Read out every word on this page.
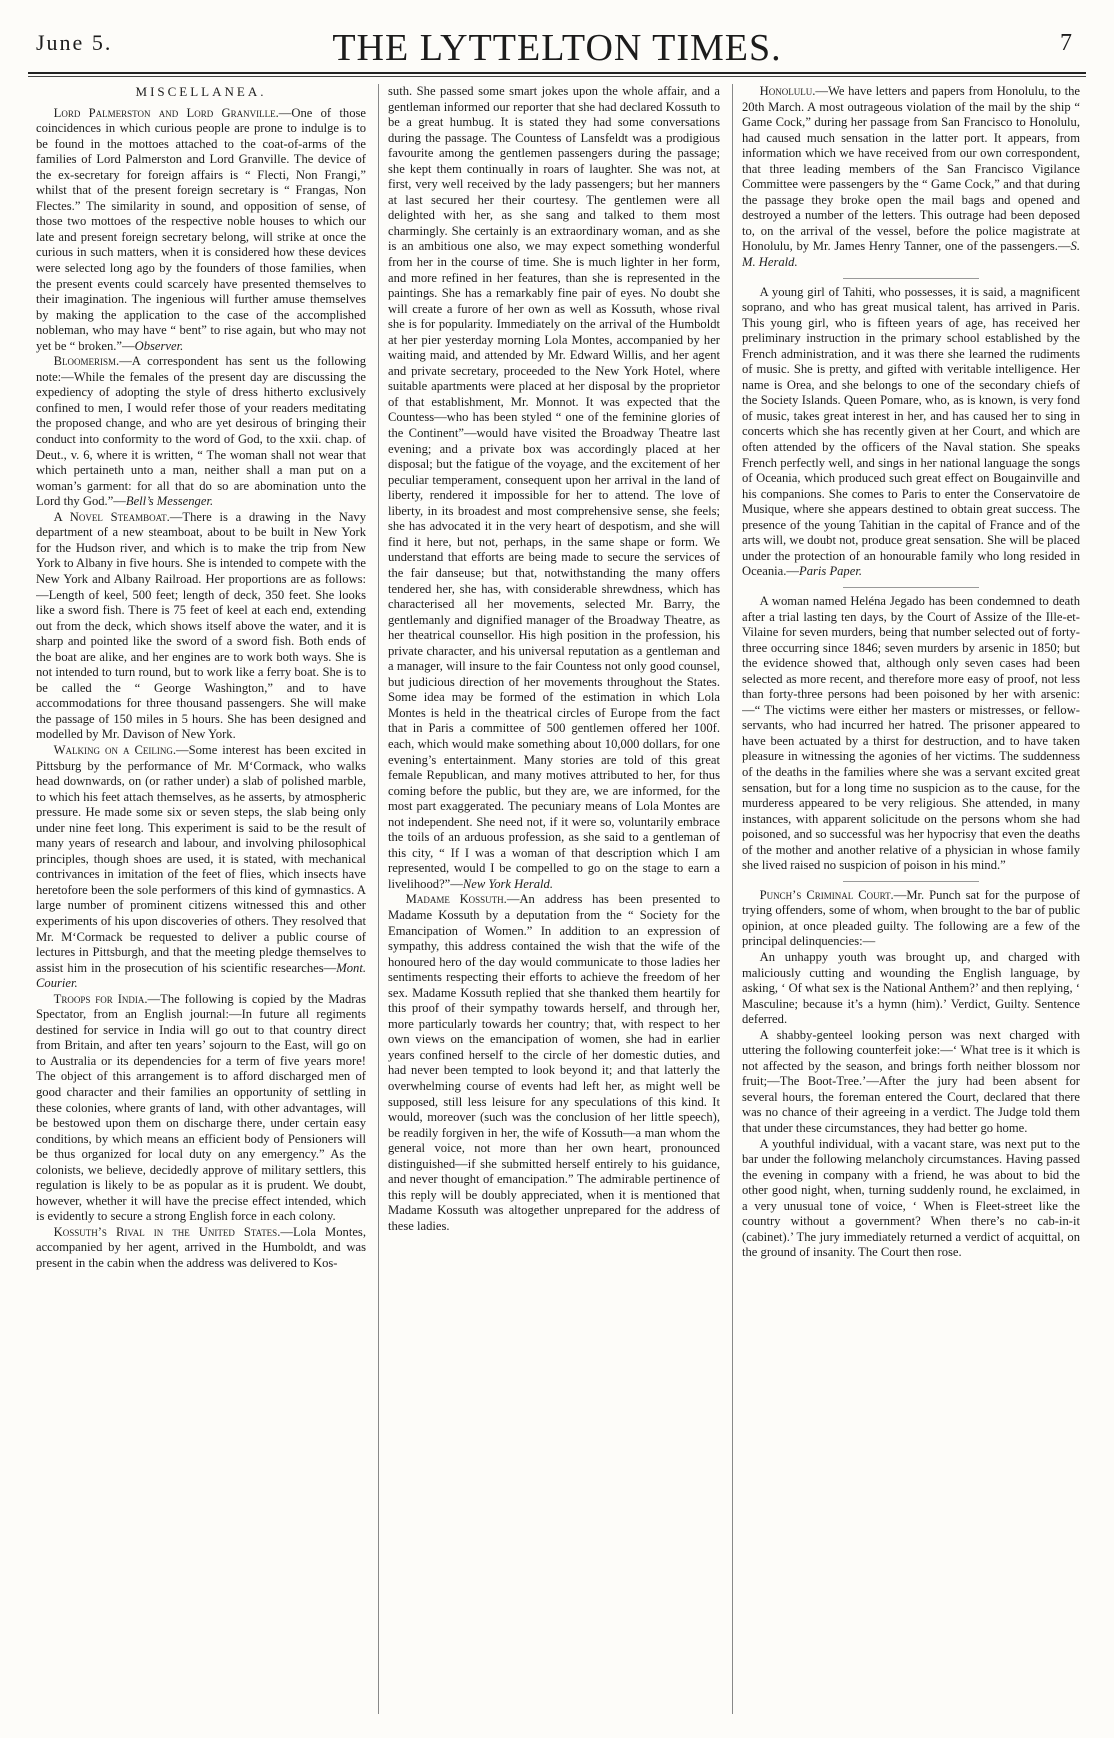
June 5.	THE LYTTELTON TIMES.	7
MISCELLANEA.

Lord Palmerston and Lord Granville.—One of those coincidences in which curious people are prone to indulge is to be found in the mottoes attached to the coat-of-arms of the families of Lord Palmerston and Lord Granville. The device of the ex-secretary for foreign affairs is “ Flecti, Non Frangi,” whilst that of the present foreign secretary is “ Frangas, Non Flectes.” The similarity in sound, and opposition of sense, of those two mottoes of the respective noble houses to which our late and present foreign secretary belong, will strike at once the curious in such matters, when it is considered how these devices were selected long ago by the founders of those families, when the present events could scarcely have presented themselves to their imagination. The ingenious will further amuse themselves by making the application to the case of the accomplished nobleman, who may have “ bent” to rise again, but who may not yet be “ broken.”—Observer.

Bloomerism.—A correspondent has sent us the following note:—While the females of the present day are discussing the expediency of adopting the style of dress hitherto exclusively confined to men, I would refer those of your readers meditating the proposed change, and who are yet desirous of bringing their conduct into conformity to the word of God, to the xxii. chap. of Deut., v. 6, where it is written, “ The woman shall not wear that which pertaineth unto a man, neither shall a man put on a woman’s garment: for all that do so are abomination unto the Lord thy God.”—Bell’s Messenger.

A Novel Steamboat.—There is a drawing in the Navy department of a new steamboat, about to be built in New York for the Hudson river, and which is to make the trip from New York to Albany in five hours. She is intended to compete with the New York and Albany Railroad. Her proportions are as follows:—Length of keel, 500 feet; length of deck, 350 feet. She looks like a sword fish. There is 75 feet of keel at each end, extending out from the deck, which shows itself above the water, and it is sharp and pointed like the sword of a sword fish. Both ends of the boat are alike, and her engines are to work both ways. She is not intended to turn round, but to work like a ferry boat. She is to be called the “ George Washington,” and to have accommodations for three thousand passengers. She will make the passage of 150 miles in 5 hours. She has been designed and modelled by Mr. Davison of New York.

Walking on a Ceiling.—Some interest has been excited in Pittsburg by the performance of Mr. M‘Cormack, who walks head downwards, on (or rather under) a slab of polished marble, to which his feet attach themselves, as he asserts, by atmospheric pressure. He made some six or seven steps, the slab being only under nine feet long. This experiment is said to be the result of many years of research and labour, and involving philosophical principles, though shoes are used, it is stated, with mechanical contrivances in imitation of the feet of flies, which insects have heretofore been the sole performers of this kind of gymnastics. A large number of prominent citizens witnessed this and other experiments of his upon discoveries of others. They resolved that Mr. M‘Cormack be requested to deliver a public course of lectures in Pittsburgh, and that the meeting pledge themselves to assist him in the prosecution of his scientific researches—Mont. Courier.

Troops for India.—The following is copied by the Madras Spectator, from an English journal:—In future all regiments destined for service in India will go out to that country direct from Britain, and after ten years’ sojourn to the East, will go on to Australia or its dependencies for a term of five years more! The object of this arrangement is to afford discharged men of good character and their families an opportunity of settling in these colonies, where grants of land, with other advantages, will be bestowed upon them on discharge there, under certain easy conditions, by which means an efficient body of Pensioners will be thus organized for local duty on any emergency.” As the colonists, we believe, decidedly approve of military settlers, this regulation is likely to be as popular as it is prudent. We doubt, however, whether it will have the precise effect intended, which is evidently to secure a strong English force in each colony.

Kossuth’s Rival in the United States.—Lola Montes, accompanied by her agent, arrived in the Humboldt, and was present in the cabin when the address was delivered to Kos-

suth. She passed some smart jokes upon the whole affair, and a gentleman informed our reporter that she had declared Kossuth to be a great humbug. It is stated they had some conversations during the passage. The Countess of Lansfeldt was a prodigious favourite among the gentlemen passengers during the passage; she kept them continually in roars of laughter. She was not, at first, very well received by the lady passengers; but her manners at last secured her their courtesy. The gentlemen were all delighted with her, as she sang and talked to them most charmingly. She certainly is an extraordinary woman, and as she is an ambitious one also, we may expect something wonderful from her in the course of time. She is much lighter in her form, and more refined in her features, than she is represented in the paintings. She has a remarkably fine pair of eyes. No doubt she will create a furore of her own as well as Kossuth, whose rival she is for popularity. Immediately on the arrival of the Humboldt at her pier yesterday morning Lola Montes, accompanied by her waiting maid, and attended by Mr. Edward Willis, and her agent and private secretary, proceeded to the New York Hotel, where suitable apartments were placed at her disposal by the proprietor of that establishment, Mr. Monnot. It was expected that the Countess—who has been styled “ one of the feminine glories of the Continent”—would have visited the Broadway Theatre last evening; and a private box was accordingly placed at her disposal; but the fatigue of the voyage, and the excitement of her peculiar temperament, consequent upon her arrival in the land of liberty, rendered it impossible for her to attend. The love of liberty, in its broadest and most comprehensive sense, she feels; she has advocated it in the very heart of despotism, and she will find it here, but not, perhaps, in the same shape or form. We understand that efforts are being made to secure the services of the fair danseuse; but that, notwithstanding the many offers tendered her, she has, with considerable shrewdness, which has characterised all her movements, selected Mr. Barry, the gentlemanly and dignified manager of the Broadway Theatre, as her theatrical counsellor. His high position in the profession, his private character, and his universal reputation as a gentleman and a manager, will insure to the fair Countess not only good counsel, but judicious direction of her movements throughout the States. Some idea may be formed of the estimation in which Lola Montes is held in the theatrical circles of Europe from the fact that in Paris a committee of 500 gentlemen offered her 100f. each, which would make something about 10,000 dollars, for one evening’s entertainment. Many stories are told of this great female Republican, and many motives attributed to her, for thus coming before the public, but they are, we are informed, for the most part exaggerated. The pecuniary means of Lola Montes are not independent. She need not, if it were so, voluntarily embrace the toils of an arduous profession, as she said to a gentleman of this city, “ If I was a woman of that description which I am represented, would I be compelled to go on the stage to earn a livelihood?”—New York Herald.

Madame Kossuth.—An address has been presented to Madame Kossuth by a deputation from the “ Society for the Emancipation of Women.” In addition to an expression of sympathy, this address contained the wish that the wife of the honoured hero of the day would communicate to those ladies her sentiments respecting their efforts to achieve the freedom of her sex. Madame Kossuth replied that she thanked them heartily for this proof of their sympathy towards herself, and through her, more particularly towards her country; that, with respect to her own views on the emancipation of women, she had in earlier years confined herself to the circle of her domestic duties, and had never been tempted to look beyond it; and that latterly the overwhelming course of events had left her, as might well be supposed, still less leisure for any speculations of this kind. It would, moreover (such was the conclusion of her little speech), be readily forgiven in her, the wife of Kossuth—a man whom the general voice, not more than her own heart, pronounced distinguished—if she submitted herself entirely to his guidance, and never thought of emancipation.” The admirable pertinence of this reply will be doubly appreciated, when it is mentioned that Madame Kossuth was altogether unprepared for the address of these ladies.

Honolulu.—We have letters and papers from Honolulu, to the 20th March. A most outrageous violation of the mail by the ship “ Game Cock,” during her passage from San Francisco to Honolulu, had caused much sensation in the latter port. It appears, from information which we have received from our own correspondent, that three leading members of the San Francisco Vigilance Committee were passengers by the “ Game Cock,” and that during the passage they broke open the mail bags and opened and destroyed a number of the letters. This outrage had been deposed to, on the arrival of the vessel, before the police magistrate at Honolulu, by Mr. James Henry Tanner, one of the passengers.—S. M. Herald.

A young girl of Tahiti, who possesses, it is said, a magnificent soprano, and who has great musical talent, has arrived in Paris. This young girl, who is fifteen years of age, has received her preliminary instruction in the primary school established by the French administration, and it was there she learned the rudiments of music. She is pretty, and gifted with veritable intelligence. Her name is Orea, and she belongs to one of the secondary chiefs of the Society Islands. Queen Pomare, who, as is known, is very fond of music, takes great interest in her, and has caused her to sing in concerts which she has recently given at her Court, and which are often attended by the officers of the Naval station. She speaks French perfectly well, and sings in her national language the songs of Oceania, which produced such great effect on Bougainville and his companions. She comes to Paris to enter the Conservatoire de Musique, where she appears destined to obtain great success. The presence of the young Tahitian in the capital of France and of the arts will, we doubt not, produce great sensation. She will be placed under the protection of an honourable family who long resided in Oceania.—Paris Paper.

A woman named Heléna Jegado has been condemned to death after a trial lasting ten days, by the Court of Assize of the Ille-et-Vilaine for seven murders, being that number selected out of forty-three occurring since 1846; seven murders by arsenic in 1850; but the evidence showed that, although only seven cases had been selected as more recent, and therefore more easy of proof, not less than forty-three persons had been poisoned by her with arsenic:—“ The victims were either her masters or mistresses, or fellow-servants, who had incurred her hatred. The prisoner appeared to have been actuated by a thirst for destruction, and to have taken pleasure in witnessing the agonies of her victims. The suddenness of the deaths in the families where she was a servant excited great sensation, but for a long time no suspicion as to the cause, for the murderess appeared to be very religious. She attended, in many instances, with apparent solicitude on the persons whom she had poisoned, and so successful was her hypocrisy that even the deaths of the mother and another relative of a physician in whose family she lived raised no suspicion of poison in his mind.”

Punch’s Criminal Court.—Mr. Punch sat for the purpose of trying offenders, some of whom, when brought to the bar of public opinion, at once pleaded guilty. The following are a few of the principal delinquencies:—

An unhappy youth was brought up, and charged with maliciously cutting and wounding the English language, by asking, ‘ Of what sex is the National Anthem?’ and then replying, ‘ Masculine; because it’s a hymn (him).’ Verdict, Guilty. Sentence deferred.

A shabby-genteel looking person was next charged with uttering the following counterfeit joke:—‘ What tree is it which is not affected by the season, and brings forth neither blossom nor fruit;—The Boot-Tree.’—After the jury had been absent for several hours, the foreman entered the Court, declared that there was no chance of their agreeing in a verdict. The Judge told them that under these circumstances, they had better go home.

A youthful individual, with a vacant stare, was next put to the bar under the following melancholy circumstances. Having passed the evening in company with a friend, he was about to bid the other good night, when, turning suddenly round, he exclaimed, in a very unusual tone of voice, ‘ When is Fleet-street like the country without a government? When there’s no cab-in-it (cabinet).’ The jury immediately returned a verdict of acquittal, on the ground of insanity. The Court then rose.
